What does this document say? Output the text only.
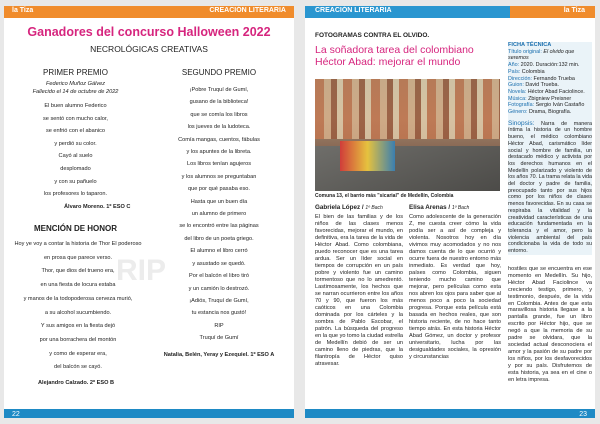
la Tiza	CREACIÓN LITERARIA
Ganadores del concurso Halloween 2022
NECROLÓGICAS CREATIVAS
RIP
PRIMER PREMIO
Federico Muñoz Gálvez
Fallecido el 14 de octubre de 2022

El buen alumno Federico

se sentó con mucho calor,

se enfrió con el abanico

y perdió su color.

Cayó al suelo

desplomado

y con su pañuelo

los profesores lo taparon.

Álvaro Moreno. 1º ESO C
MENCIÓN DE HONOR

Hoy ye voy a contar la historia de Thor El poderoso

en prosa que parece verso.

Thor, que dios del trueno era,

en una fiesta de locura estaba

y manos de la todopoderosa cerveza murió,

a su alcohol sucumbiendo.

Y sus amigos en la fiesta dejó

por una borrachera del montón

y como de esperar era,

del balcón se cayó.

Alejandro Calzado. 2º ESO B
SEGUNDO PREMIO

¡Pobre Truquí de Gumí,

gusano de la biblioteca!

que se comía los libros

los jueves de la ludoteca.

Comía mangas, cuentos, fábulas

y los apuntes de la libreta.

Los libros tenían agujeros

y los alumnos se preguntaban

que por qué pasaba eso.

Hasta que un buen día

un alumno de primero

se lo encontró entre las páginas

del libro de un poeta griego.

El alumno el libro cerró

y asustado se quedó.

Por el balcón el libro tiró

y un camión lo destrozó.

¡Adiós, Truquí de Gumí,

tu estancia nos gustó!

RIP

Truquí de Gumí

Natalia, Belén, Yeray y Ezequiel. 1º ESO A
22
CREACIÓN LITERARIA	la Tiza
FOTOGRAMAS CONTRA EL OLVIDO.
La soñadora tarea del colombiano Héctor Abad: mejorar el mundo
Comuna 13, el barrio más "sicarial" de Medellín, Colombia
Gabriela López / 1º Bach	Elisa Arenas / 1º Bach
El bien de las familias y de los niños de las clases menos favorecidas, mejorar el mundo, en definitiva, era la tarea de la vida de Héctor Abad. Como colombiana, puedo reconocer que es una tarea ardua. Ser un líder social en tiempos de corrupción en un país pobre y violento fue un camino tormentoso que no lo amedrentó. Lastimosamente, los hechos que se narran ocurrieron entre los años 70 y 90, que fueron los más caóticos en una Colombia dominada por los cárteles y la sombra de Pablo Escobar, el patrón. La búsqueda del progreso en la que yo tomo la ciudad estrella de Medellín debió de ser un camino lleno de piedras, que la filantropía de Héctor quiso atravesar.
Como adolescente de la generación Z, me cuesta creer cómo la vida podía ser a así de compleja y violenta. Nosotros hoy en día vivimos muy acomodados y no nos damos cuenta de lo que ocurrió y ocurre fuera de nuestro entorno más inmediato. Es verdad que hoy, países como Colombia, siguen teniendo mucho camino que mejorar, pero películas como esta nos abren los ojos para saber que al menos poco a poco la sociedad progresa. Porque esta película está basada en hechos reales, que son historia reciente, de no hace tanto tiempo atrás. En esta historia Héctor Abad Gómez, un doctor y profesor universitario, lucha por las desigualdades sociales, la opresión y circunstancias
FICHA TÉCNICA
Título original: El olvido que seremos
Año: 2020. Duración:132 min.
País: Colombia
Dirección: Fernando Trueba
Guion: David Trueba.
Novela: Héctor Abad Faciolince.
Música: Zbigniew Preisner
Fotografía: Sergio Iván Castaño
Género: Drama, Biografía.
Sinopsis: Narra de manera íntima la historia de un hombre bueno, el médico colombiano Héctor Abad, carismático líder social y hombre de familia, un destacado médico y activista por los derechos humanos en el Medellín polarizado y violento de los años 70. La trama relata la vida del doctor y padre de familia, preocupado tanto por sus hijos como por los niños de clases menos favorecidas. En su casa se respiraba la vitalidad y la creatividad características de una educación fundamentada en la tolerancia y el amor, pero la violencia ambiental del país condicionaba la vida de todo su entorno.
hostiles que se encuentra en ese momento en Medellín. Su hijo, Héctor Abad Faciolince va creciendo testigo, primero, y testimonio, después, de la vida en Colombia. Antes de que esta maravillosa historia llegase a la pantalla grande, fue un libro escrito por Héctor hijo, que se negó a que la memoria de su padre se olvidara, que la sociedad actual desconociera el amor y la pasión de su padre por los niños, por los desfavorecidos y por su país. Disfrutemos de esta historia, ya sea en el cine o en letra impresa.
23
